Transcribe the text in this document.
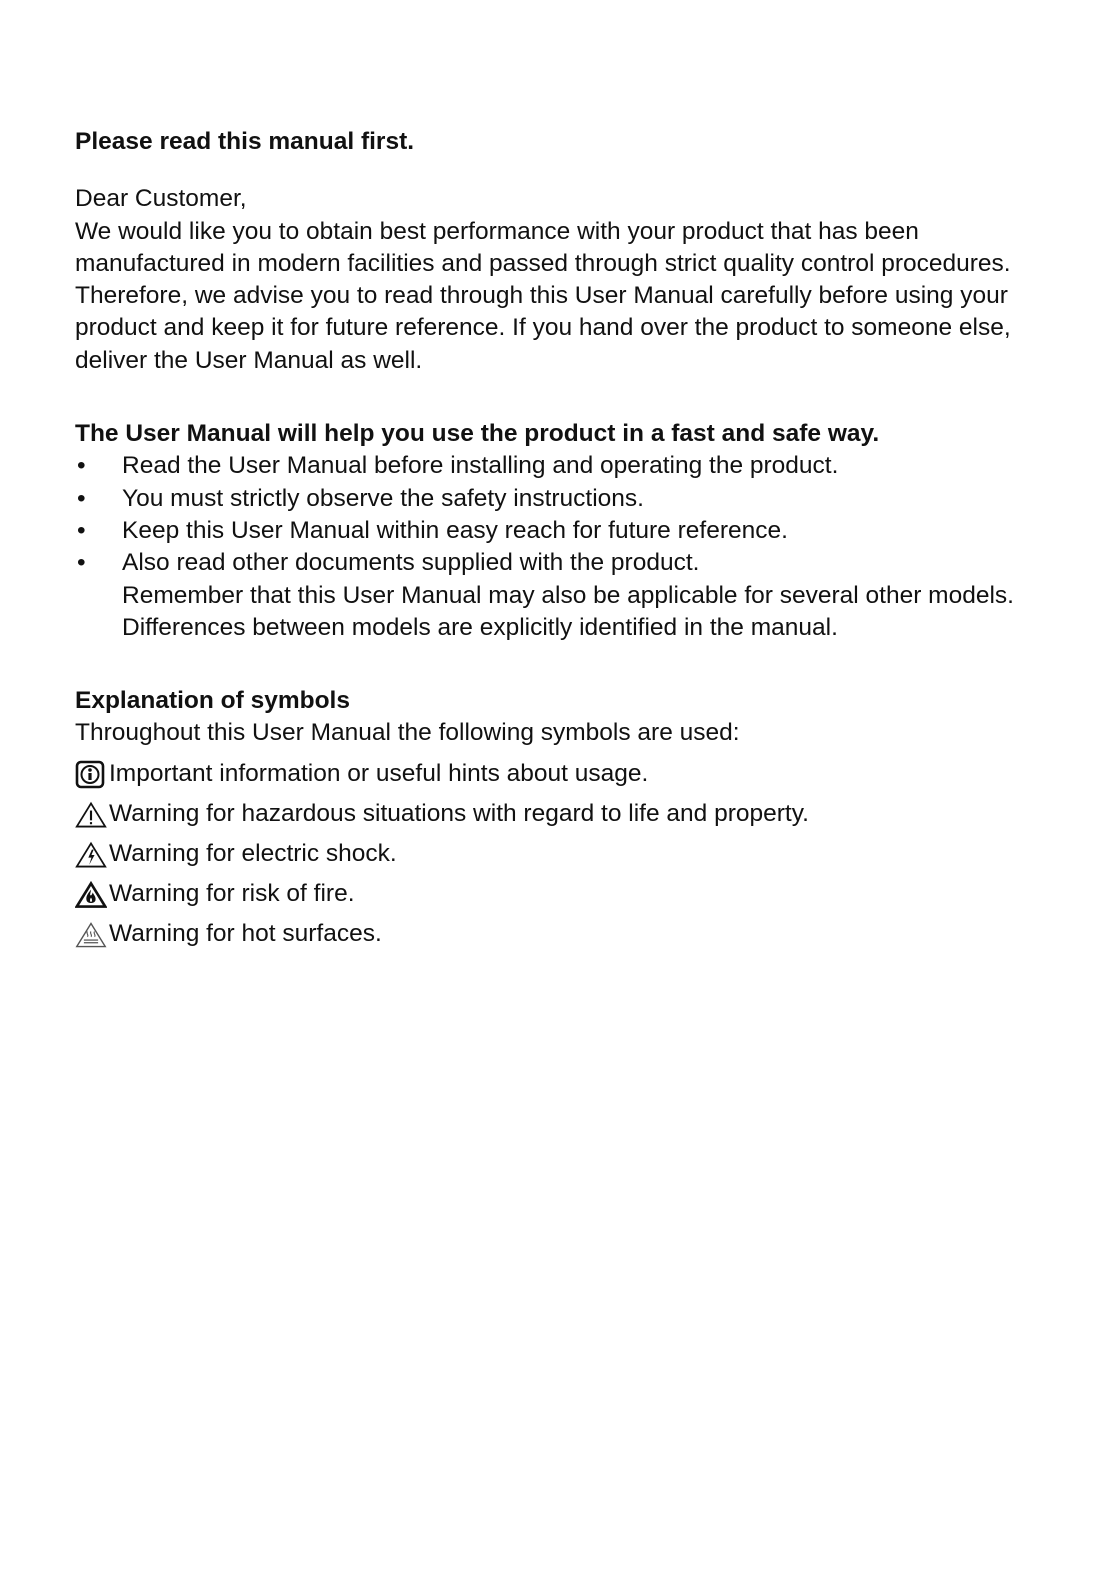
Please read this manual first.

Dear Customer,

We would like you to obtain best performance with your product that has been manufactured in modern facilities and passed through strict quality control procedures.

Therefore, we advise you to read through this User Manual carefully before using your product and keep it for future reference. If you hand over the product to someone else, deliver the User Manual as well.

The User Manual will help you use the product in a fast and safe way.

• Read the User Manual before installing and operating the product.
• You must strictly observe the safety instructions.
• Keep this User Manual within easy reach for future reference.
• Also read other documents supplied with the product.
Remember that this User Manual may also be applicable for several other models.
Differences between models are explicitly identified in the manual.

Explanation of symbols

Throughout this User Manual the following symbols are used:

Important information or useful hints about usage.
Warning for hazardous situations with regard to life and property.
Warning for electric shock.
Warning for risk of fire.
Warning for hot surfaces.
